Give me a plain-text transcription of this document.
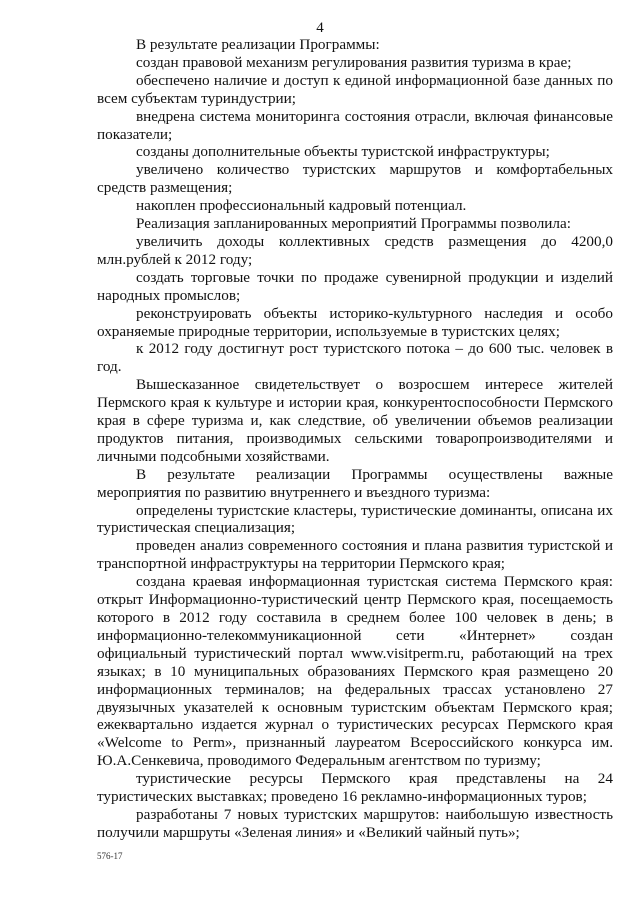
4

В результате реализации Программы:

создан правовой механизм регулирования развития туризма в крае;

обеспечено наличие и доступ к единой информационной базе данных по всем субъектам туриндустрии;

внедрена система мониторинга состояния отрасли, включая финансовые показатели;

созданы дополнительные объекты туристской инфраструктуры;

увеличено количество туристских маршрутов и комфортабельных средств размещения;

накоплен профессиональный кадровый потенциал.

Реализация запланированных мероприятий Программы позволила:

увеличить доходы коллективных средств размещения до 4200,0 млн.рублей к 2012 году;

создать торговые точки по продаже сувенирной продукции и изделий народных промыслов;

реконструировать объекты историко-культурного наследия и особо охраняемые природные территории, используемые в туристских целях;

к 2012 году достигнут рост туристского потока – до 600 тыс. человек в год.

Вышесказанное свидетельствует о возросшем интересе жителей Пермского края к культуре и истории края, конкурентоспособности Пермского края в сфере туризма и, как следствие, об увеличении объемов реализации продуктов питания, производимых сельскими товаропроизводителями и личными подсобными хозяйствами.

В результате реализации Программы осуществлены важные мероприятия по развитию внутреннего и въездного туризма:

определены туристские кластеры, туристические доминанты, описана их туристическая специализация;

проведен анализ современного состояния и плана развития туристской и транспортной инфраструктуры на территории Пермского края;

создана краевая информационная туристская система Пермского края: открыт Информационно-туристический центр Пермского края, посещаемость которого в 2012 году составила в среднем более 100 человек в день; в информационно-телекоммуникационной сети «Интернет» создан официальный туристический портал www.visitperm.ru, работающий на трех языках; в 10 муниципальных образованиях Пермского края размещено 20 информационных терминалов; на федеральных трассах установлено 27 двуязычных указателей к основным туристским объектам Пермского края; ежеквартально издается журнал о туристических ресурсах Пермского края «Welcome to Perm», признанный лауреатом Всероссийского конкурса им. Ю.А.Сенкевича, проводимого Федеральным агентством по туризму;

туристические ресурсы Пермского края представлены на 24 туристических выставках; проведено 16 рекламно-информационных туров;

разработаны 7 новых туристских маршрутов: наибольшую известность получили маршруты «Зеленая линия» и «Великий чайный путь»;

576-17
